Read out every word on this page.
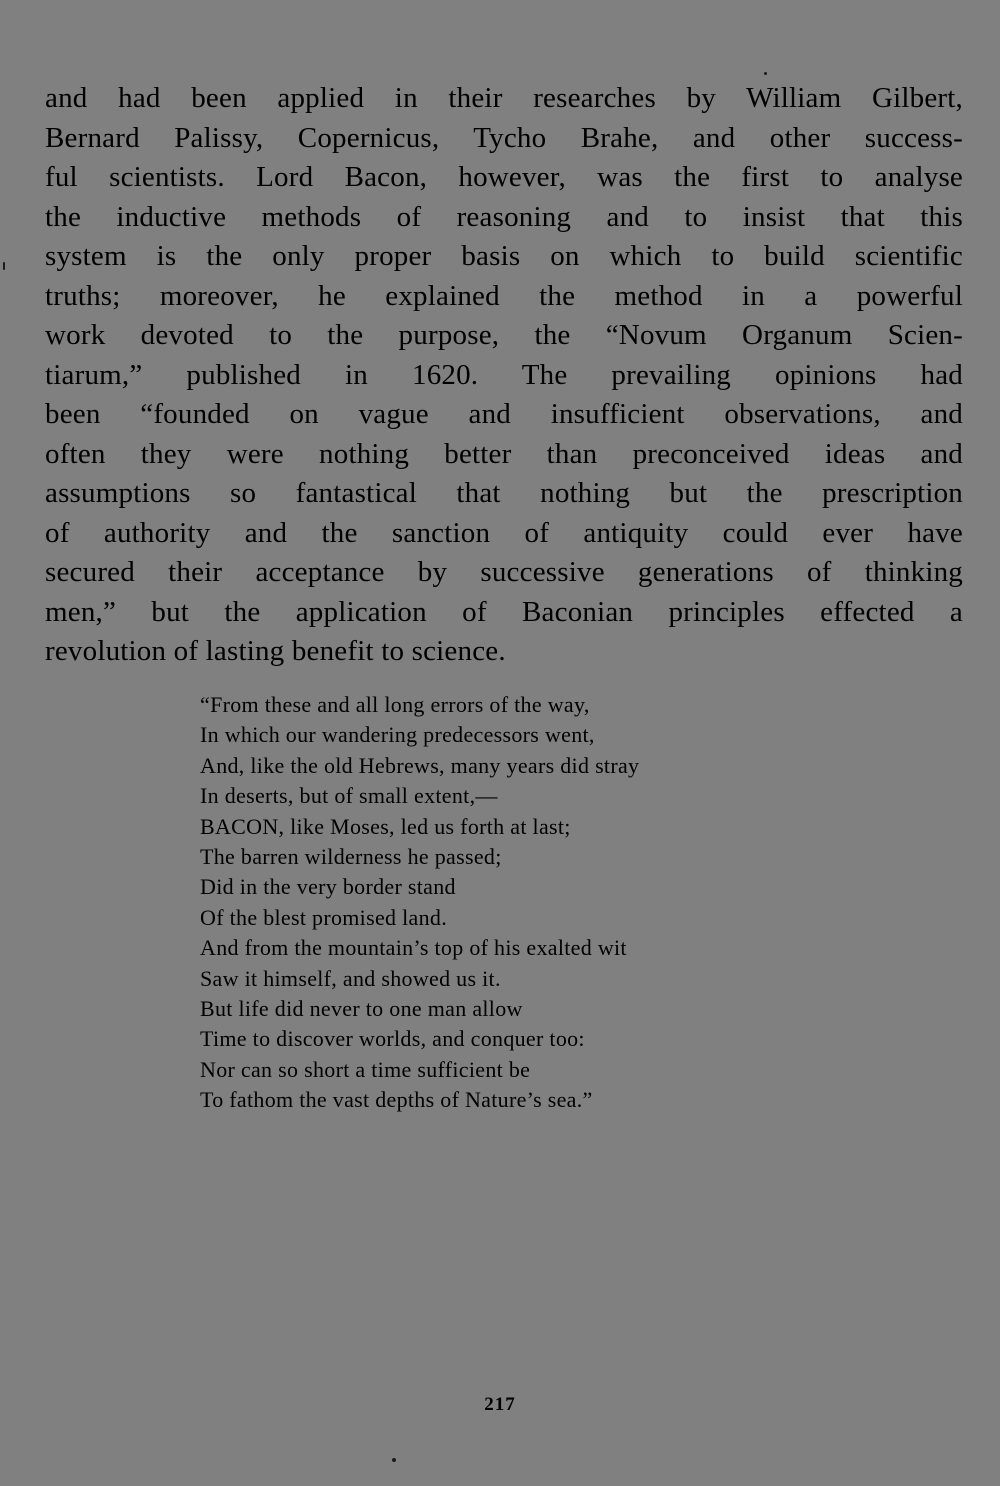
and had been applied in their researches by William Gilbert,
Bernard Palissy, Copernicus, Tycho Brahe, and other success-
ful scientists. Lord Bacon, however, was the first to analyse
the inductive methods of reasoning and to insist that this
system is the only proper basis on which to build scientific
truths; moreover, he explained the method in a powerful
work devoted to the purpose, the “Novum Organum Scien-
tiarum,” published in 1620. The prevailing opinions had
been “founded on vague and insufficient observations, and
often they were nothing better than preconceived ideas and
assumptions so fantastical that nothing but the prescription
of authority and the sanction of antiquity could ever have
secured their acceptance by successive generations of thinking
men,” but the application of Baconian principles effected a
revolution of lasting benefit to science.
“From these and all long errors of the way,
In which our wandering predecessors went,
And, like the old Hebrews, many years did stray
In deserts, but of small extent,—
BACON, like Moses, led us forth at last;
The barren wilderness he passed;
Did in the very border stand
Of the blest promised land.
And from the mountain’s top of his exalted wit
Saw it himself, and showed us it.
But life did never to one man allow
Time to discover worlds, and conquer too:
Nor can so short a time sufficient be
To fathom the vast depths of Nature’s sea.”
217
